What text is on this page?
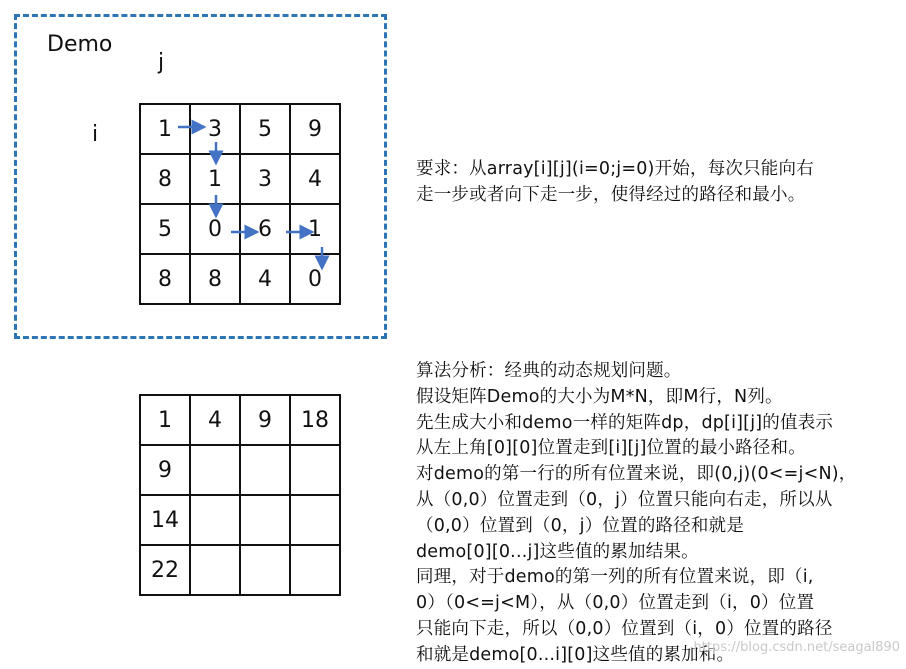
Demo
j
i	1	3	5	9
8	1	3	4
5	0	6	1
8	8	4	0
1	4	9	18
9			
14			
22			
要求：从array[i][j](i=0;j=0)开始，每次只能向右
走一步或者向下走一步，使得经过的路径和最小。
算法分析：经典的动态规划问题。
假设矩阵Demo的大小为M*N，即M行，N列。
先生成大小和demo一样的矩阵dp，dp[i][j]的值表示
从左上角[0][0]位置走到[i][j]位置的最小路径和。
对demo的第一行的所有位置来说，即(0,j)(0<=j<N)，
从（0,0）位置走到（0，j）位置只能向右走，所以从
（0,0）位置到（0，j）位置的路径和就是
demo[0][0...j]这些值的累加结果。
同理，对于demo的第一列的所有位置来说，即（i,
0）（0<=j<M），从（0,0）位置走到（i，0）位置
只能向下走，所以（0,0）位置到（i，0）位置的路径
和就是demo[0...i][0]这些值的累加和。
https://blog.csdn.net/seagal890
